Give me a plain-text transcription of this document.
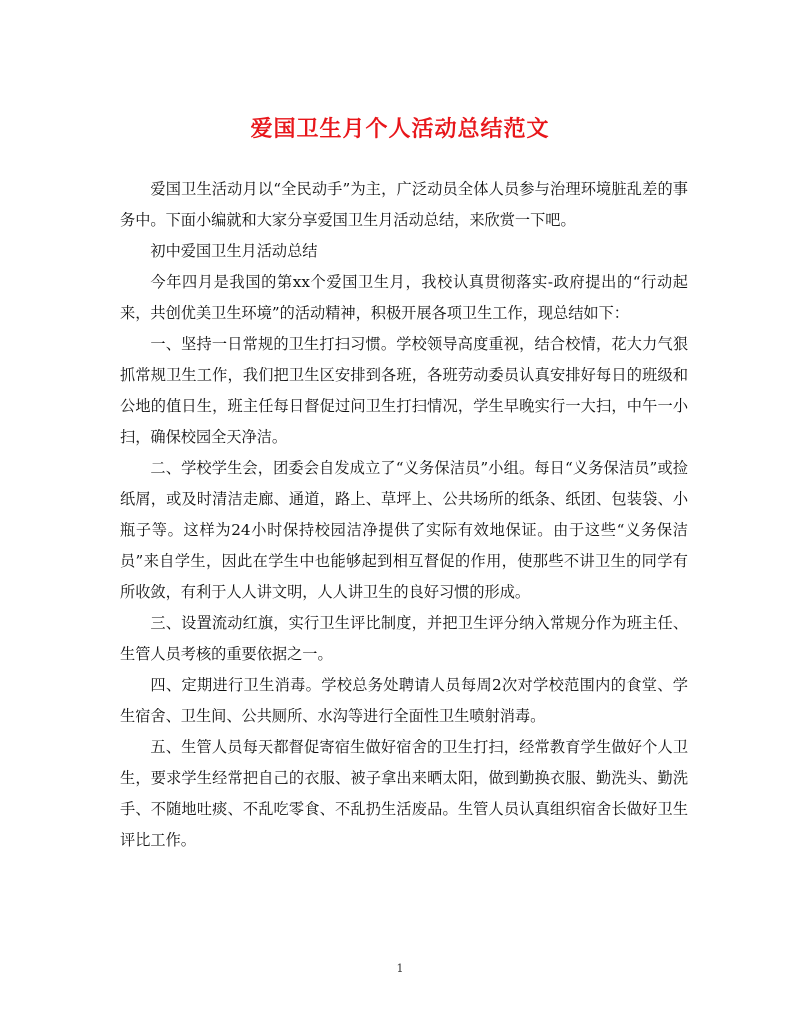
爱国卫生月个人活动总结范文

爱国卫生活动月以“全民动手”为主，广泛动员全体人员参与治理环境脏乱差的事务中。下面小编就和大家分享爱国卫生月活动总结，来欣赏一下吧。

初中爱国卫生月活动总结

今年四月是我国的第xx个爱国卫生月，我校认真贯彻落实-政府提出的“行动起来，共创优美卫生环境”的活动精神，积极开展各项卫生工作，现总结如下：

一、坚持一日常规的卫生打扫习惯。学校领导高度重视，结合校情，花大力气狠抓常规卫生工作，我们把卫生区安排到各班，各班劳动委员认真安排好每日的班级和公地的值日生，班主任每日督促过问卫生打扫情况，学生早晚实行一大扫，中午一小扫，确保校园全天净洁。

二、学校学生会，团委会自发成立了“义务保洁员”小组。每日“义务保洁员”或捡纸屑，或及时清洁走廊、通道，路上、草坪上、公共场所的纸条、纸团、包装袋、小瓶子等。这样为24小时保持校园洁净提供了实际有效地保证。由于这些“义务保洁员”来自学生，因此在学生中也能够起到相互督促的作用，使那些不讲卫生的同学有所收敛，有利于人人讲文明，人人讲卫生的良好习惯的形成。

三、设置流动红旗，实行卫生评比制度，并把卫生评分纳入常规分作为班主任、生管人员考核的重要依据之一。

四、定期进行卫生消毒。学校总务处聘请人员每周2次对学校范围内的食堂、学生宿舍、卫生间、公共厕所、水沟等进行全面性卫生喷射消毒。

五、生管人员每天都督促寄宿生做好宿舍的卫生打扫，经常教育学生做好个人卫生，要求学生经常把自己的衣服、被子拿出来晒太阳，做到勤换衣服、勤洗头、勤洗手、不随地吐痰、不乱吃零食、不乱扔生活废品。生管人员认真组织宿舍长做好卫生评比工作。

1
